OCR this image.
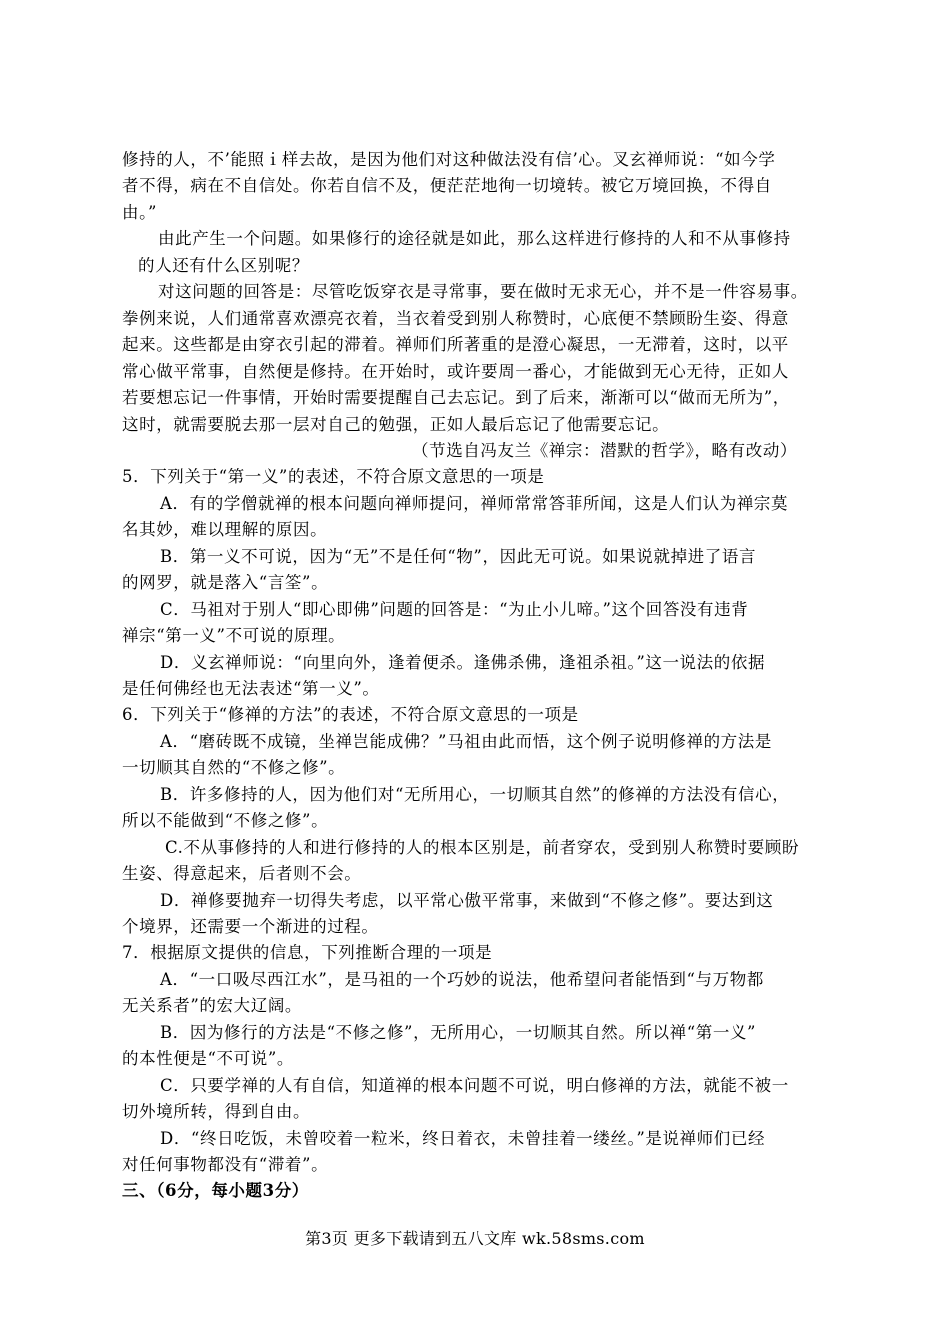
修持的人，不’能照ｉ样去故，是因为他们对这种做法没有信’心。叉玄禅师说：“如今学
者不得，病在不自信处。你若自信不及，便茫茫地徇一切境转。被它万境回换，不得自
由。”
由此产生一个问题。如果修行的途径就是如此，那么这样进行修持的人和不从事修持
的人还有什么区别呢？
对这问题的回答是：尽管吃饭穿衣是寻常事，要在做时无求无心，并不是一件容易事。
拳例来说，人们通常喜欢漂亮衣着，当衣着受到别人称赞时，心底便不禁顾盼生姿、得意
起来。这些都是由穿衣引起的滞着。禅师们所著重的是澄心凝思，一无滞着，这时，以平
常心做平常事，自然便是修持。在开始时，或许要周一番心，才能做到无心无待，正如人
若要想忘记一件事情，开始时需要提醒自己去忘记。到了后来，渐渐可以“做而无所为”，
这时，就需要脱去那一层对自己的勉强，正如人最后忘记了他需要忘记。
（节选自冯友兰《禅宗：潜默的哲学》，略有改动）
5．下列关于“第一义”的表述，不符合原文意思的一项是
A．有的学僧就禅的根本问题向禅师提问，禅师常常答菲所闻，这是人们认为禅宗莫
名其妙，难以理解的原因。
B．第一义不可说，因为“无”不是任何“物”，因此无可说。如果说就掉进了语言
的网罗，就是落入“言筌”。
C．马祖对于别人“即心即佛”问题的回答是：“为止小儿啼。”这个回答没有违背
禅宗“第一义”不可说的原理。
D．义玄禅师说：“向里向外，逢着便杀。逢佛杀佛，逢祖杀祖。”这一说法的依据
是任何佛经也无法表述“第一义”。
6．下列关于“修禅的方法”的表述，不符合原文意思的一项是
A．“磨砖既不成镜，坐禅岂能成佛？”马祖由此而悟，这个例子说明修禅的方法是
一切顺其自然的“不修之修”。
B．许多修持的人，因为他们对“无所用心，一切顺其自然”的修禅的方法没有信心，
所以不能做到“不修之修”。
C.不从事修持的人和进行修持的人的根本区别是，前者穿农，受到别人称赞时要顾盼
生姿、得意起来，后者则不会。
D．禅修要抛弃一切得失考虑，以平常心傲平常事，来做到“不修之修”。要达到这
个境界，还需要一个渐进的过程。
7．根据原文提供的信息，下列推断合理的一项是
A．“一口吸尽西江水”，是马祖的一个巧妙的说法，他希望问者能悟到“与万物都
无关系者”的宏大辽阔。
B．因为修行的方法是“不修之修”，无所用心，一切顺其自然。所以禅“第一义”
的本性便是“不可说”。
C．只要学禅的人有自信，知道禅的根本问题不可说，明白修禅的方法，就能不被一
切外境所转，得到自由。
D．“终日吃饭，未曾咬着一粒米，终日着衣，未曾挂着一缕丝。”是说禅师们已经
对任何事物都没有“滞着”。
三、（6分，每小题3分）
第3页 更多下载请到五八文库 wk.58sms.com
